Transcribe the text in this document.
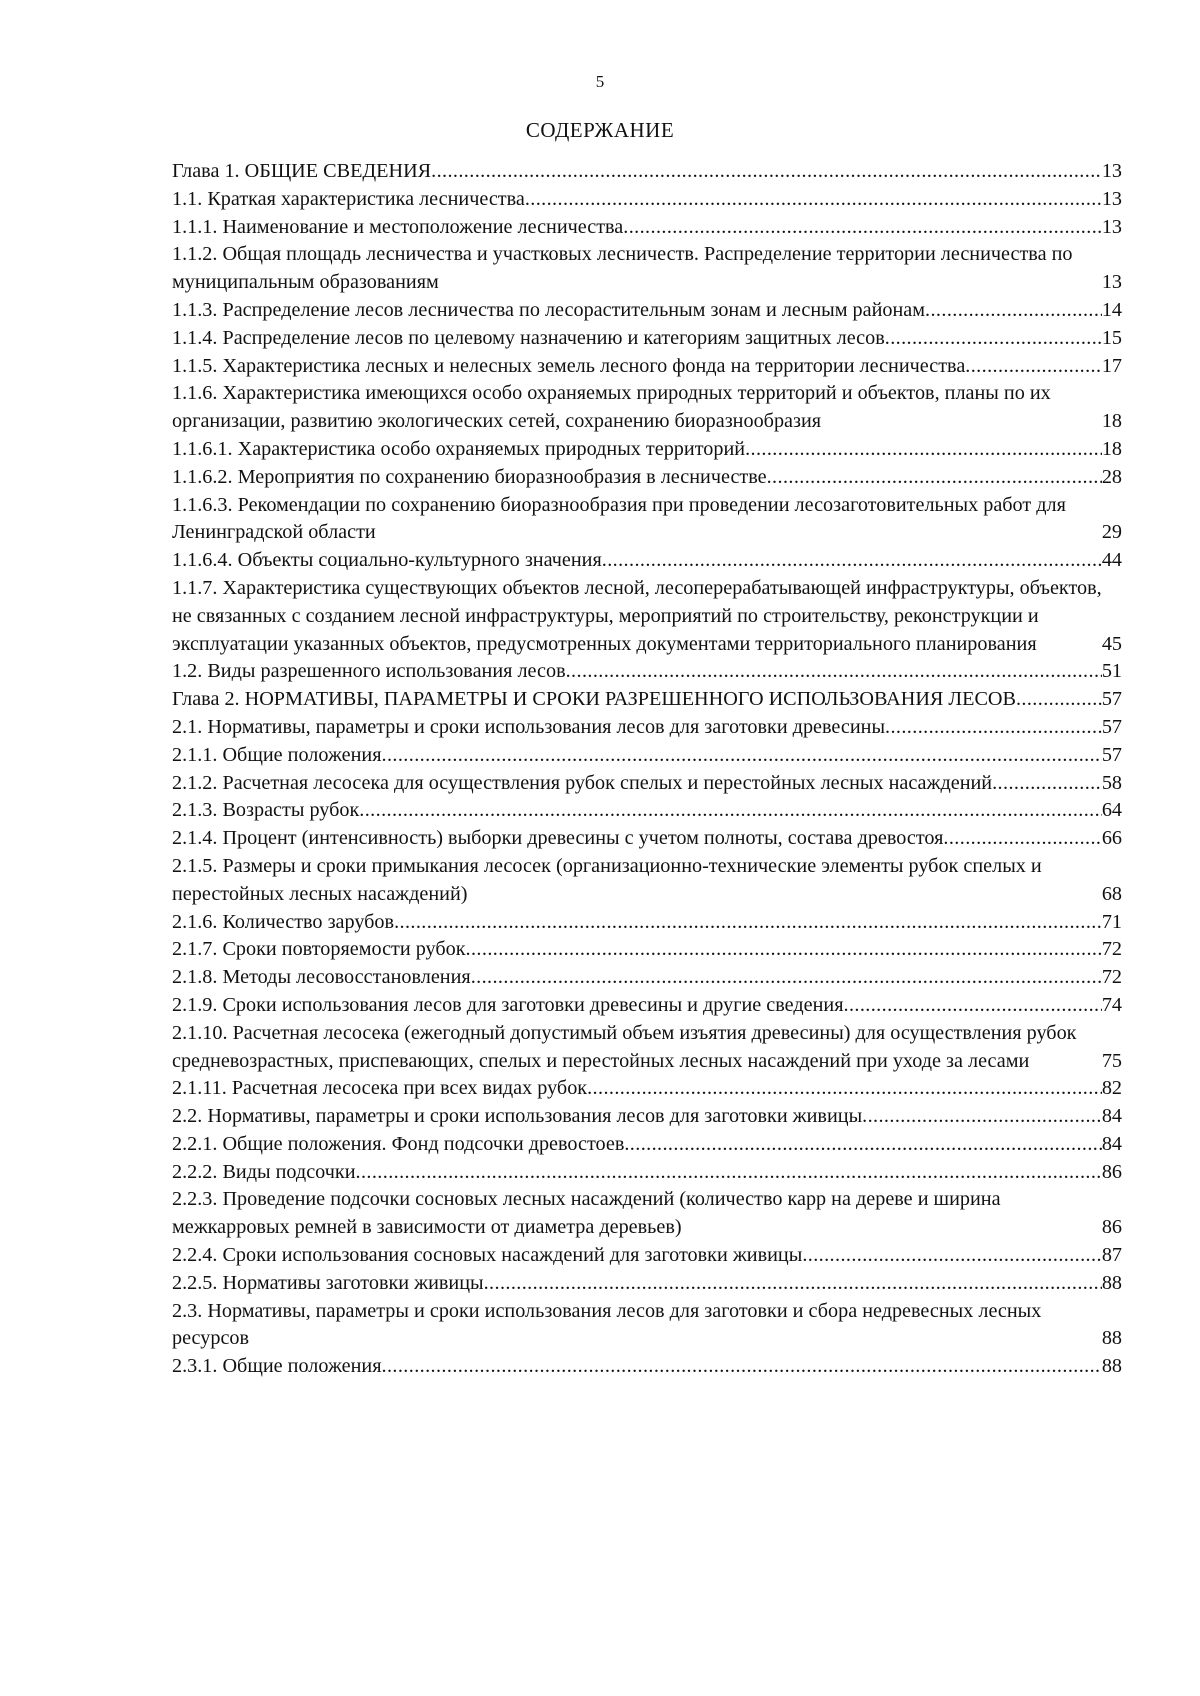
5
СОДЕРЖАНИЕ
Глава 1. ОБЩИЕ СВЕДЕНИЯ .....	13
1.1. Краткая характеристика лесничества .....	13
1.1.1. Наименование и местоположение лесничества .....	13
1.1.2. Общая площадь лесничества и участковых лесничеств. Распределение территории лесничества по муниципальным образованиям	13
1.1.3. Распределение лесов лесничества по лесорастительным зонам и лесным районам .....	14
1.1.4. Распределение лесов по целевому назначению и категориям защитных лесов .....	15
1.1.5. Характеристика лесных и нелесных земель лесного фонда на территории лесничества .....	17
1.1.6. Характеристика имеющихся особо охраняемых природных территорий и объектов, планы по их организации, развитию экологических сетей, сохранению биоразнообразия	18
1.1.6.1. Характеристика особо охраняемых природных территорий .....	18
1.1.6.2. Мероприятия по сохранению биоразнообразия в лесничестве .....	28
1.1.6.3. Рекомендации по сохранению биоразнообразия при проведении лесозаготовительных работ для Ленинградской области	29
1.1.6.4. Объекты социально-культурного значения .....	44
1.1.7. Характеристика существующих объектов лесной, лесоперерабатывающей инфраструктуры, объектов, не связанных с созданием лесной инфраструктуры, мероприятий по строительству, реконструкции и эксплуатации указанных объектов, предусмотренных документами территориального планирования	45
1.2. Виды разрешенного использования лесов .....	51
Глава 2. НОРМАТИВЫ, ПАРАМЕТРЫ И СРОКИ РАЗРЕШЕННОГО ИСПОЛЬЗОВАНИЯ ЛЕСОВ .....	57
2.1. Нормативы, параметры и сроки использования лесов для заготовки древесины .....	57
2.1.1. Общие положения .....	57
2.1.2. Расчетная лесосека для осуществления рубок спелых и перестойных лесных насаждений .....	58
2.1.3. Возрасты рубок .....	64
2.1.4. Процент (интенсивность) выборки древесины с учетом полноты, состава древостоя .....	66
2.1.5. Размеры и сроки примыкания лесосек (организационно-технические элементы рубок спелых и перестойных лесных насаждений)	68
2.1.6. Количество зарубов .....	71
2.1.7. Сроки повторяемости рубок .....	72
2.1.8. Методы лесовосстановления .....	72
2.1.9. Сроки использования лесов для заготовки древесины и другие сведения .....	74
2.1.10. Расчетная лесосека (ежегодный допустимый объем изъятия древесины) для осуществления рубок средневозрастных, приспевающих, спелых и перестойных лесных насаждений при уходе за лесами	75
2.1.11. Расчетная лесосека при всех видах рубок .....	82
2.2. Нормативы, параметры и сроки использования лесов для заготовки живицы .....	84
2.2.1. Общие положения. Фонд подсочки древостоев .....	84
2.2.2. Виды подсочки .....	86
2.2.3. Проведение подсочки сосновых лесных насаждений (количество карр на дереве и ширина межкарровых ремней в зависимости от диаметра деревьев)	86
2.2.4. Сроки использования сосновых насаждений для заготовки живицы .....	87
2.2.5. Нормативы заготовки живицы .....	88
2.3. Нормативы, параметры и сроки использования лесов для заготовки и сбора недревесных лесных ресурсов	88
2.3.1. Общие положения .....	88
